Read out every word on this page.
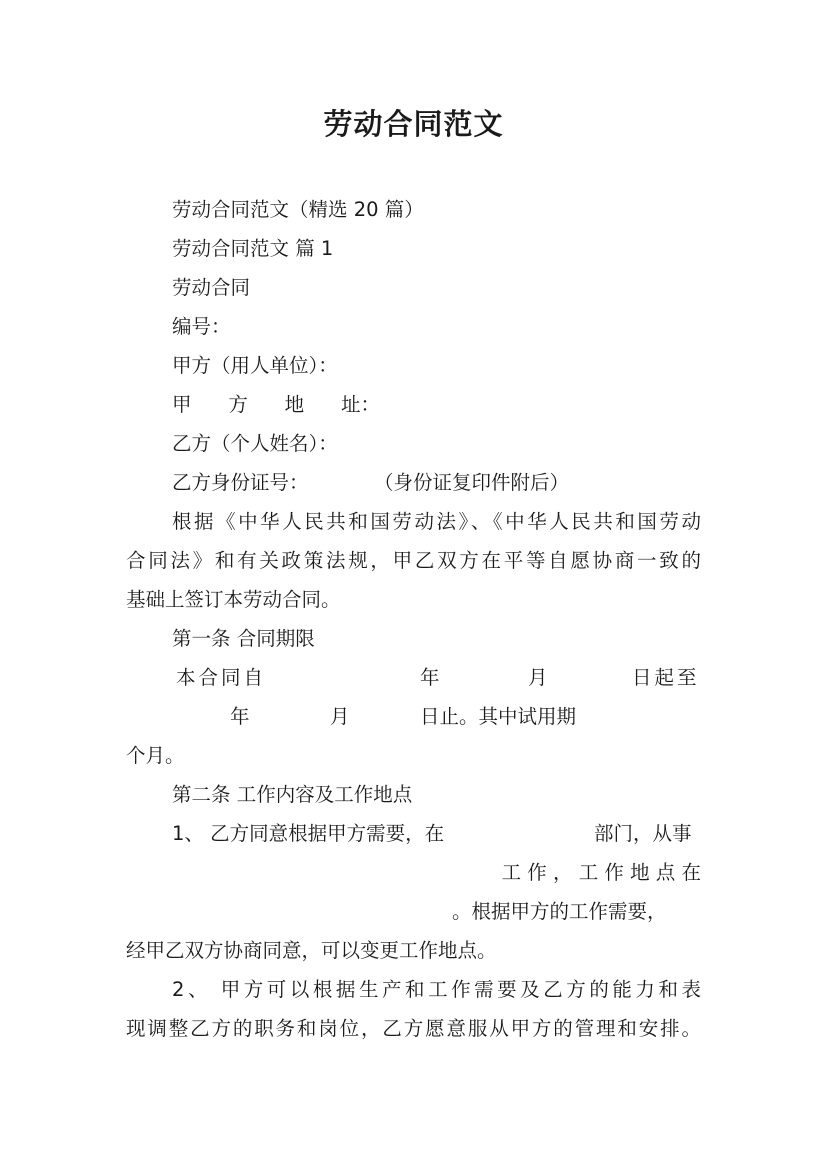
劳动合同范文
劳动合同范文（精选 20 篇）
劳动合同范文 篇 1
劳动合同
编号：
甲方（用人单位）：
甲 方 地 址：
乙方（个人姓名）：
乙方身份证号：	（身份证复印件附后）
根据《中华人民共和国劳动法》、《中华人民共和国劳动
合同法》和有关政策法规，甲乙双方在平等自愿协商一致的
基础上签订本劳动合同。
第一条 合同期限
本合同自	年	月	日起至
年	月	日止。其中试用期
个月。
第二条 工作内容及工作地点
1、 乙方同意根据甲方需要，在	部门，从事
工 作 ， 工 作 地 点 在
。根据甲方的工作需要，
经甲乙双方协商同意，可以变更工作地点。
2、 甲方可以根据生产和工作需要及乙方的能力和表
现调整乙方的职务和岗位，乙方愿意服从甲方的管理和安排。
